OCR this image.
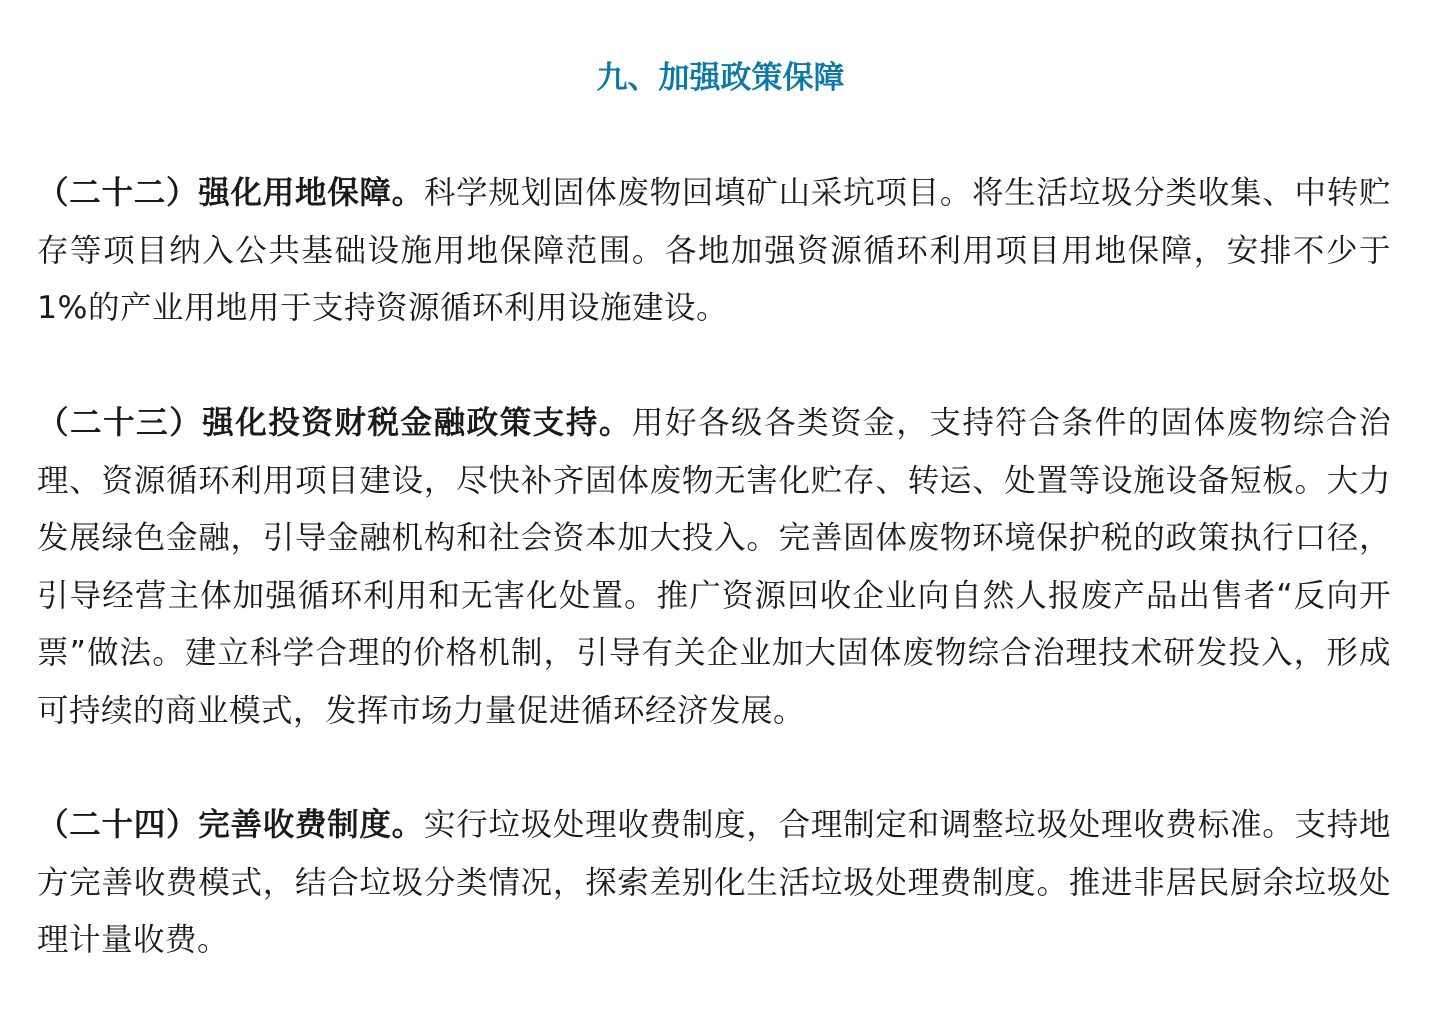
九、加强政策保障

（二十二）强化用地保障。科学规划固体废物回填矿山采坑项目。将生活垃圾分类收集、中转贮存等项目纳入公共基础设施用地保障范围。各地加强资源循环利用项目用地保障，安排不少于1%的产业用地用于支持资源循环利用设施建设。

（二十三）强化投资财税金融政策支持。用好各级各类资金，支持符合条件的固体废物综合治理、资源循环利用项目建设，尽快补齐固体废物无害化贮存、转运、处置等设施设备短板。大力发展绿色金融，引导金融机构和社会资本加大投入。完善固体废物环境保护税的政策执行口径，引导经营主体加强循环利用和无害化处置。推广资源回收企业向自然人报废产品出售者“反向开票”做法。建立科学合理的价格机制，引导有关企业加大固体废物综合治理技术研发投入，形成可持续的商业模式，发挥市场力量促进循环经济发展。

（二十四）完善收费制度。实行垃圾处理收费制度，合理制定和调整垃圾处理收费标准。支持地方完善收费模式，结合垃圾分类情况，探索差别化生活垃圾处理费制度。推进非居民厨余垃圾处理计量收费。
